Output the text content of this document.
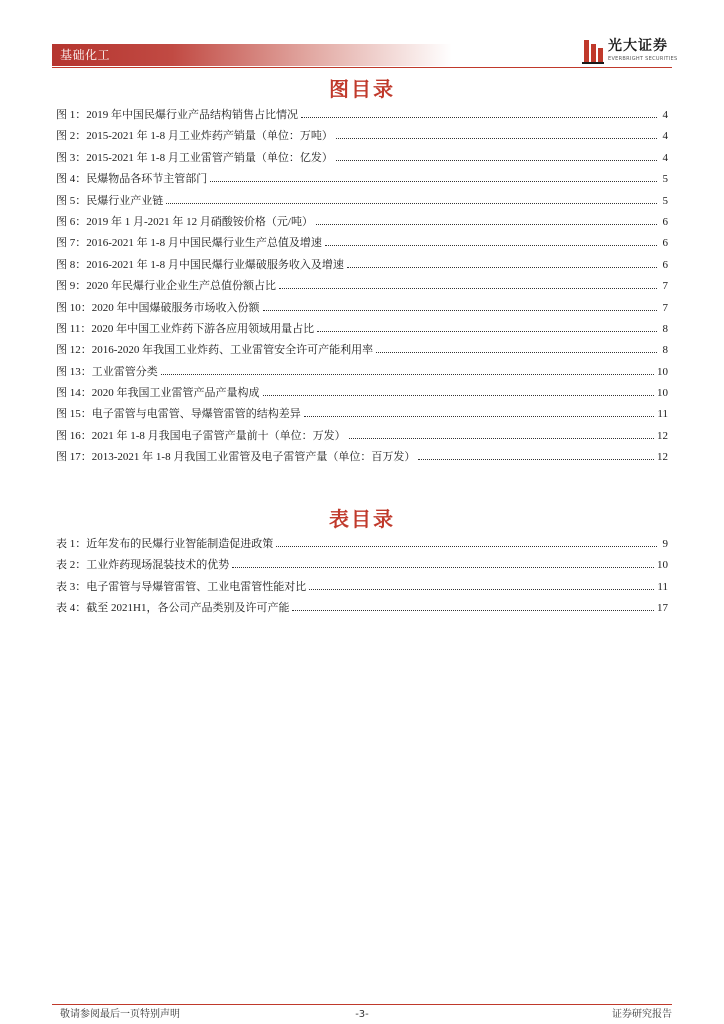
基础化工
光大证券
EVERBRIGHT SECURITIES
图目录
图 1：2019 年中国民爆行业产品结构销售占比情况	4
图 2：2015-2021 年 1-8 月工业炸药产销量（单位：万吨）	4
图 3：2015-2021 年 1-8 月工业雷管产销量（单位：亿发）	4
图 4：民爆物品各环节主管部门	5
图 5：民爆行业产业链	5
图 6：2019 年 1 月-2021 年 12 月硝酸铵价格（元/吨）	6
图 7：2016-2021 年 1-8 月中国民爆行业生产总值及增速	6
图 8：2016-2021 年 1-8 月中国民爆行业爆破服务收入及增速	6
图 9：2020 年民爆行业企业生产总值份额占比	7
图 10：2020 年中国爆破服务市场收入份额	7
图 11：2020 年中国工业炸药下游各应用领域用量占比	8
图 12：2016-2020 年我国工业炸药、工业雷管安全许可产能利用率	8
图 13：工业雷管分类	10
图 14：2020 年我国工业雷管产品产量构成	10
图 15：电子雷管与电雷管、导爆管雷管的结构差异	11
图 16：2021 年 1-8 月我国电子雷管产量前十（单位：万发）	12
图 17：2013-2021 年 1-8 月我国工业雷管及电子雷管产量（单位：百万发）	12
表目录
表 1：近年发布的民爆行业智能制造促进政策	9
表 2：工业炸药现场混装技术的优势	10
表 3：电子雷管与导爆管雷管、工业电雷管性能对比	11
表 4：截至 2021H1，各公司产品类别及许可产能	17
敬请参阅最后一页特别声明	-3-	证券研究报告
